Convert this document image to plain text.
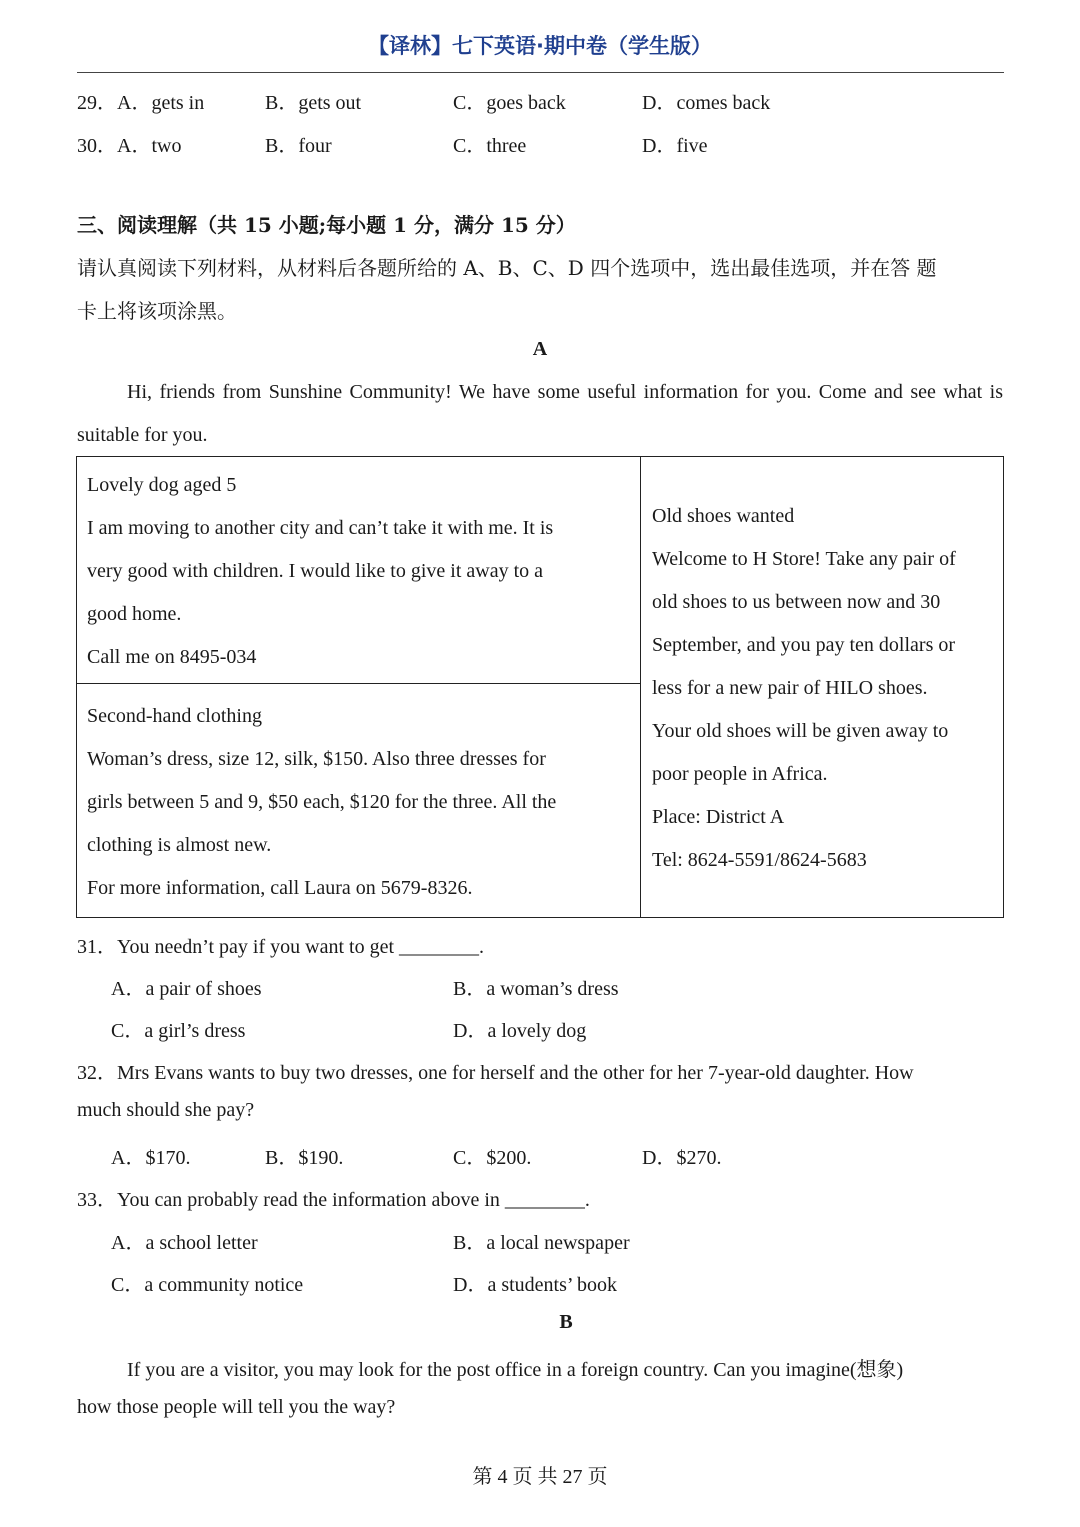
【译林】七下英语·期中卷（学生版）
29．A．gets in	B．gets out	C．goes back	D．comes back
30．A．two	B．four	C．three	D．five
三、阅读理解（共 15 小题;每小题 1 分，满分 15 分）
请认真阅读下列材料，从材料后各题所给的 A、B、C、D 四个选项中，选出最佳选项，并在答 题
卡上将该项涂黑。
A
Hi, friends from Sunshine Community! We have some useful information for you. Come and see what is suitable for you.
Lovely dog aged 5
I am moving to another city and can’t take it with me. It is
very good with children. I would like to give it away to a
good home.
Call me on 8495-034
Second-hand clothing
Woman’s dress, size 12, silk, $150. Also three dresses for
girls between 5 and 9, $50 each, $120 for the three. All the
clothing is almost new.
For more information, call Laura on 5679-8326.
Old shoes wanted
Welcome to H Store! Take any pair of
old shoes to us between now and 30
September, and you pay ten dollars or
less for a new pair of HILO shoes.
Your old shoes will be given away to
poor people in Africa.
Place: District A
Tel: 8624-5591/8624-5683
31．You needn’t pay if you want to get ________.
A．a pair of shoes	B．a woman’s dress
C．a girl’s dress	D．a lovely dog
32．Mrs Evans wants to buy two dresses, one for herself and the other for her 7-year-old daughter. How
much should she pay?
A．$170.	B．$190.	C．$200.	D．$270.
33．You can probably read the information above in ________.
A．a school letter	B．a local newspaper
C．a community notice	D．a students’ book
B
If you are a visitor, you may look for the post office in a foreign country. Can you imagine(想象)
how those people will tell you the way?
第 4 页 共 27 页
